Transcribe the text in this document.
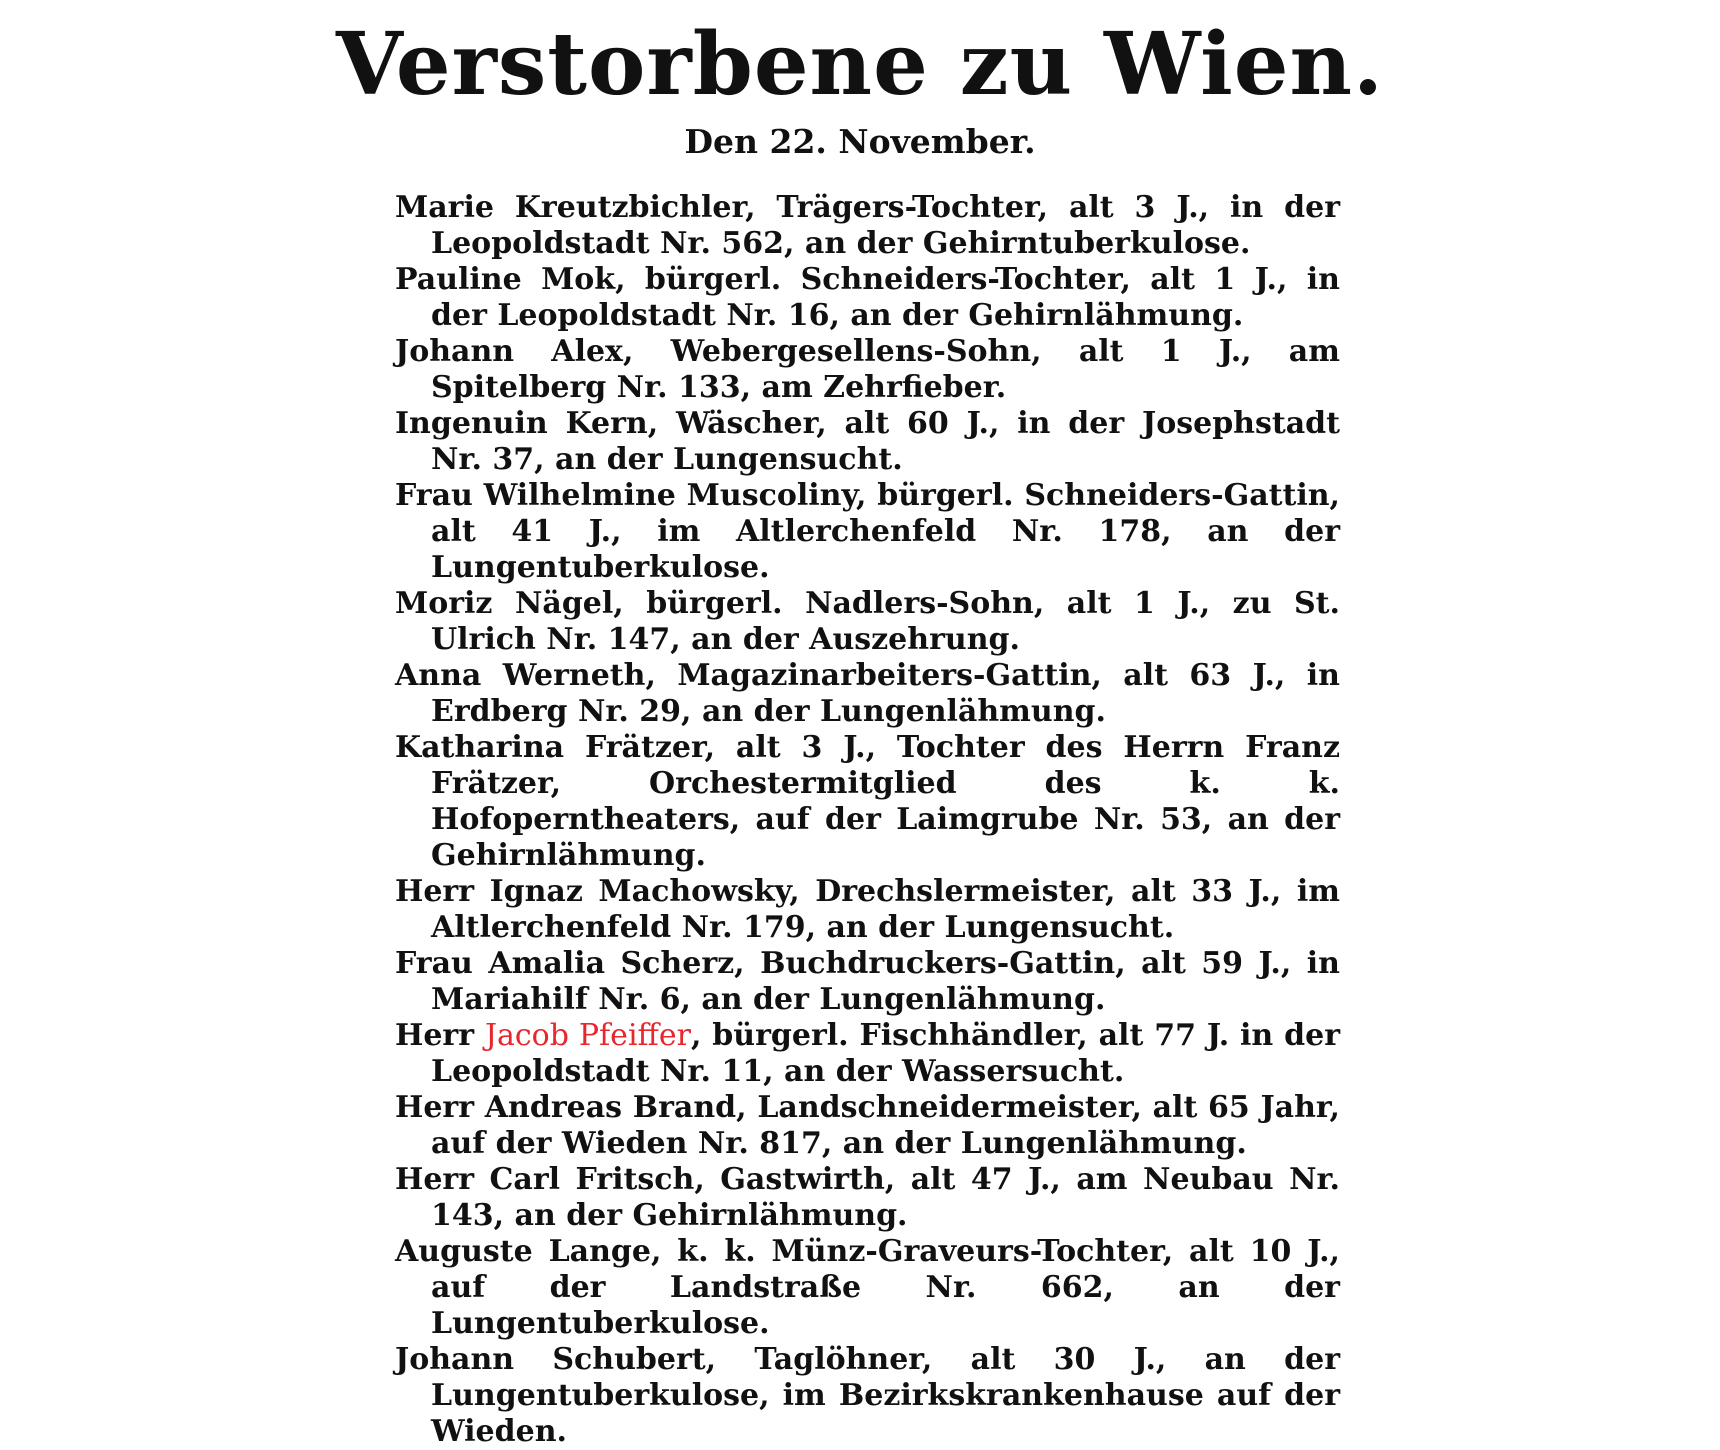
Verstorbene zu Wien.
Den 22. November.

Marie Kreutzbichler, Trägers-Tochter, alt 3 J., in der Leopoldstadt Nr. 562, an der Gehirntuberkulose.

Pauline Mok, bürgerl. Schneiders-Tochter, alt 1 J., in der Leopoldstadt Nr. 16, an der Gehirnlähmung.

Johann Alex, Webergesellens-Sohn, alt 1 J., am Spitelberg Nr. 133, am Zehrfieber.

Ingenuin Kern, Wäscher, alt 60 J., in der Josephstadt Nr. 37, an der Lungensucht.

Frau Wilhelmine Muscoliny, bürgerl. Schneiders-Gattin, alt 41 J., im Altlerchenfeld Nr. 178, an der Lungentuberkulose.

Moriz Nägel, bürgerl. Nadlers-Sohn, alt 1 J., zu St. Ulrich Nr. 147, an der Auszehrung.

Anna Werneth, Magazinarbeiters-Gattin, alt 63 J., in Erdberg Nr. 29, an der Lungenlähmung.

Katharina Frätzer, alt 3 J., Tochter des Herrn Franz Frätzer, Orchestermitglied des k. k. Hofoperntheaters, auf der Laimgrube Nr. 53, an der Gehirnlähmung.

Herr Ignaz Machowsky, Drechslermeister, alt 33 J., im Altlerchenfeld Nr. 179, an der Lungensucht.

Frau Amalia Scherz, Buchdruckers-Gattin, alt 59 J., in Mariahilf Nr. 6, an der Lungenlähmung.

Herr Jacob Pfeiffer, bürgerl. Fischhändler, alt 77 J. in der Leopoldstadt Nr. 11, an der Wassersucht.

Herr Andreas Brand, Landschneidermeister, alt 65 Jahr, auf der Wieden Nr. 817, an der Lungenlähmung.

Herr Carl Fritsch, Gastwirth, alt 47 J., am Neubau Nr. 143, an der Gehirnlähmung.

Auguste Lange, k. k. Münz-Graveurs-Tochter, alt 10 J., auf der Landstraße Nr. 662, an der Lungentuberkulose.

Johann Schubert, Taglöhner, alt 30 J., an der Lungentuberkulose, im Bezirkskrankenhause auf der Wieden.
